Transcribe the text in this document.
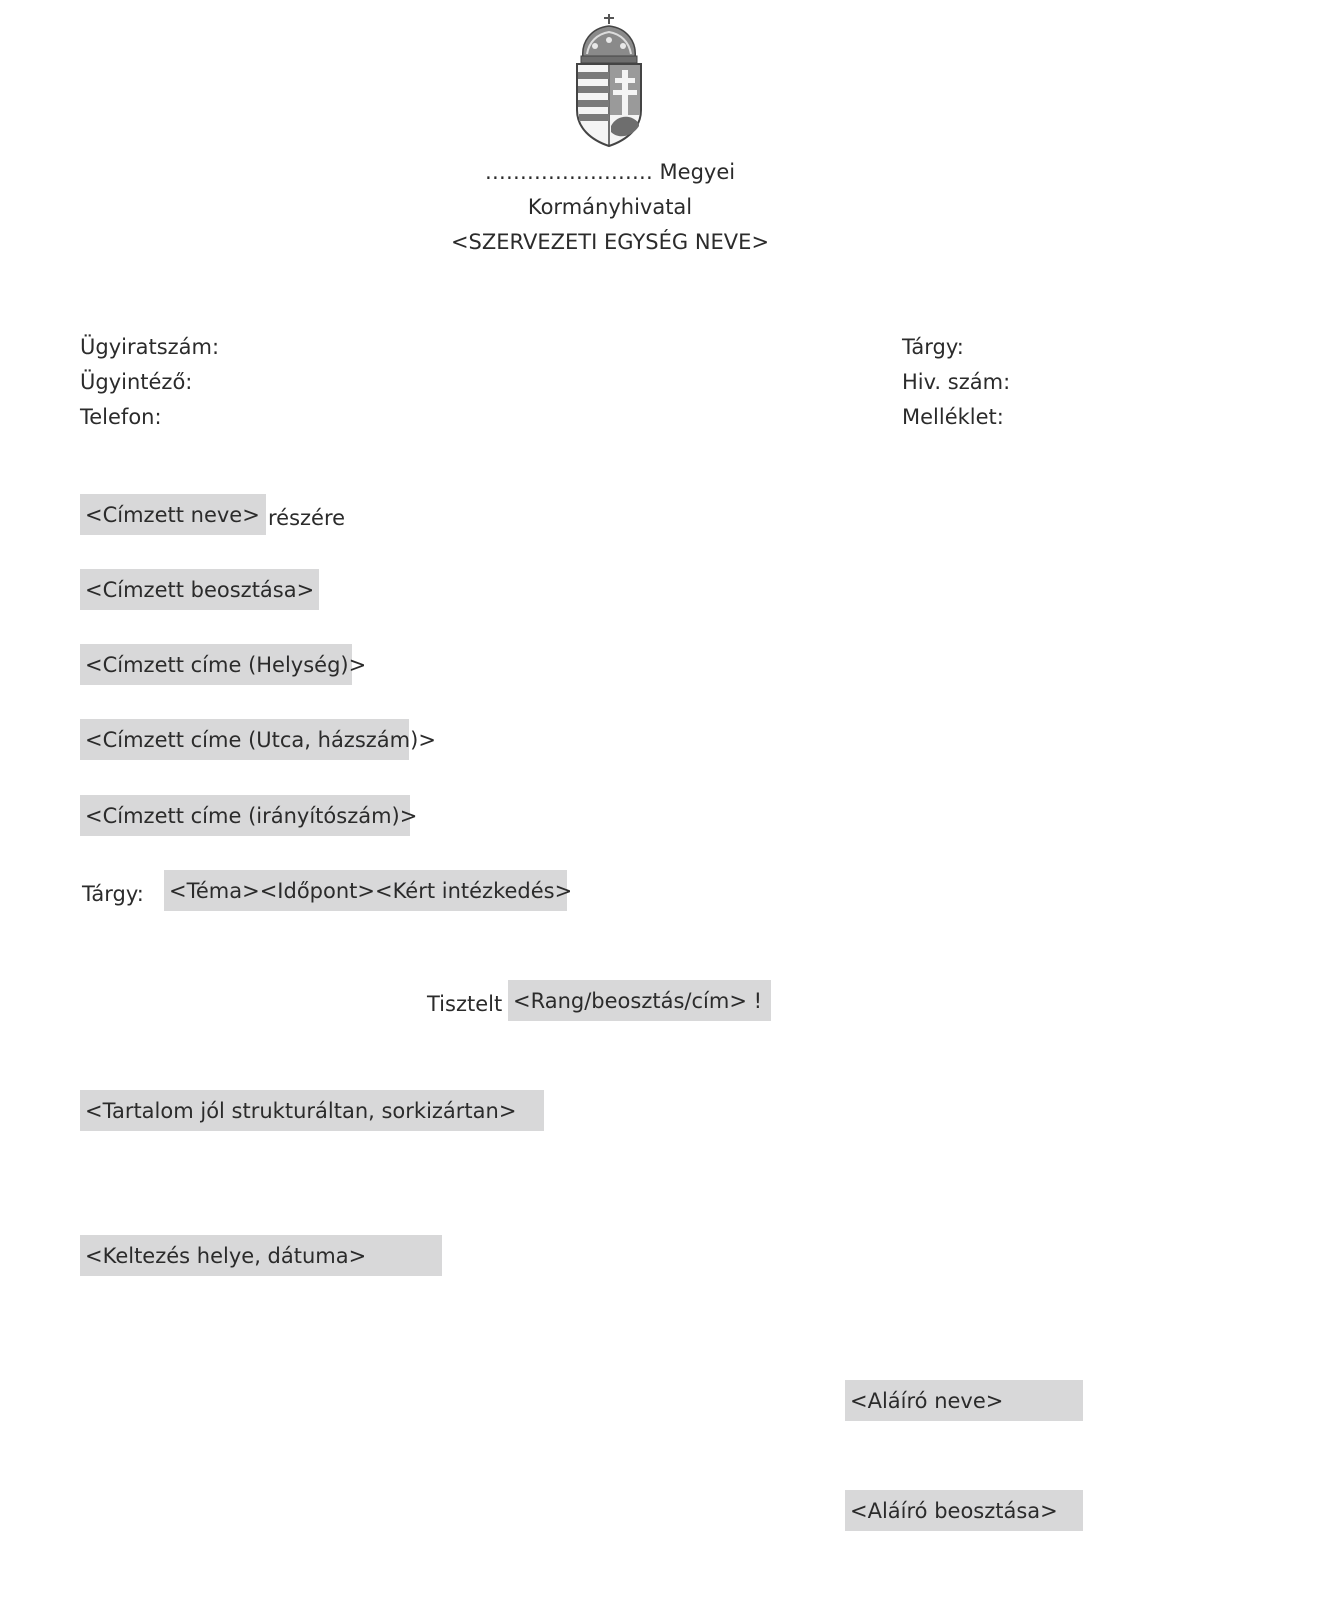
…………………… Megyei
Kormányhivatal
<SZERVEZETI EGYSÉG NEVE>
Ügyiratszám:
Ügyintéző:
Telefon:
Tárgy:
Hiv. szám:
Melléklet:
<Címzett neve> részére
<Címzett beosztása>
<Címzett címe (Helység)>
<Címzett címe (Utca, házszám)>
<Címzett címe (irányítószám)>
Tárgy: <Téma><Időpont><Kért intézkedés>
Tisztelt <Rang/beosztás/cím> !
<Tartalom jól strukturáltan, sorkizártan>
<Keltezés helye, dátuma>
<Aláíró neve>
<Aláíró beosztása>
